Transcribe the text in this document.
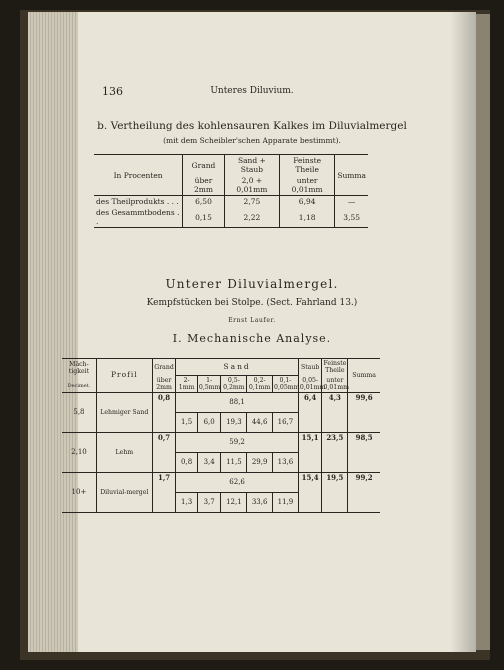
136	Unteres Diluvium.
b. Vertheilung des kohlensauren Kalkes im Diluvialmergel
(mit dem Scheibler'schen Apparate bestimmt).
In Procenten	Grand	Sand + Staub	Feinste Theile	Summa
	über 2mm	2,0 + 0,01mm	unter 0,01mm	
des Theilprodukts . . .	6,50	2,75	6,94	—
des Gesammtbodens . .	0,15	2,22	1,18	3,55
Unterer Diluvialmergel.
Kempfstücken bei Stolpe. (Sect. Fahrland 13.)
Ernst Laufer.
I. Mechanische Analyse.
Mäch-tigkeit

Decimet.	Profil	Grand	Sand					Staub	Feinste Theile	Summa
		über 2mm	2-1mm	1-0,5mm	0,5-0,2mm	0,2-0,1mm	0,1-0,05mm	0,05-0,01mm	unter 0,01mm	
5,8	Lehmiger Sand	0,8	88,1					6,4	4,3	99,6
			1,5	6,0	19,3	44,6	16,7			
2,10	Lehm	0,7	59,2					15,1	23,5	98,5
			0,8	3,4	11,5	29,9	13,6			
10+	Diluvial-mergel	1,7	62,6					15,4	19,5	99,2
			1,3	3,7	12,1	33,6	11,9			
